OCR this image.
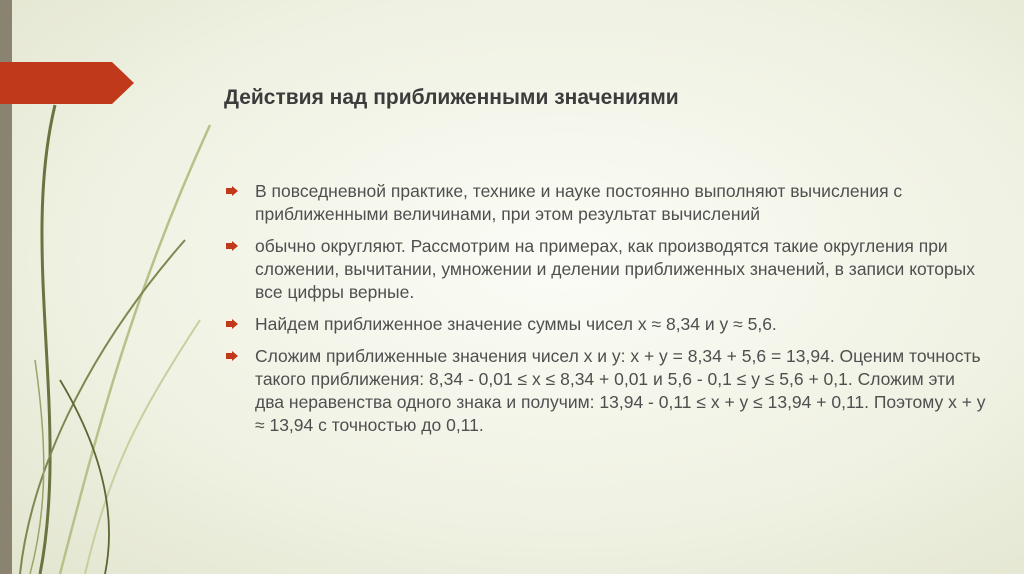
Действия над приближенными значениями
В повседневной практике, технике и науке постоянно выполняют вычисления с приближенными величинами, при этом результат вычислений
обычно округляют. Рассмотрим на примерах, как производятся такие округления при сложении, вычитании, умножении и делении приближенных значений, в записи которых все цифры верные.
Найдем приближенное значение суммы чисел х ≈ 8,34 и у ≈ 5,6.
Сложим приближенные значения чисел х и у: х + у = 8,34 + 5,6 = 13,94. Оценим точность такого приближения: 8,34 - 0,01 ≤ х ≤ 8,34 + 0,01 и 5,6 - 0,1 ≤ у ≤ 5,6 + 0,1. Сложим эти два неравенства одного знака и получим: 13,94 - 0,11 ≤ х + у ≤ 13,94 + 0,11. Поэтому х + у ≈ 13,94 с точностью до 0,11.
